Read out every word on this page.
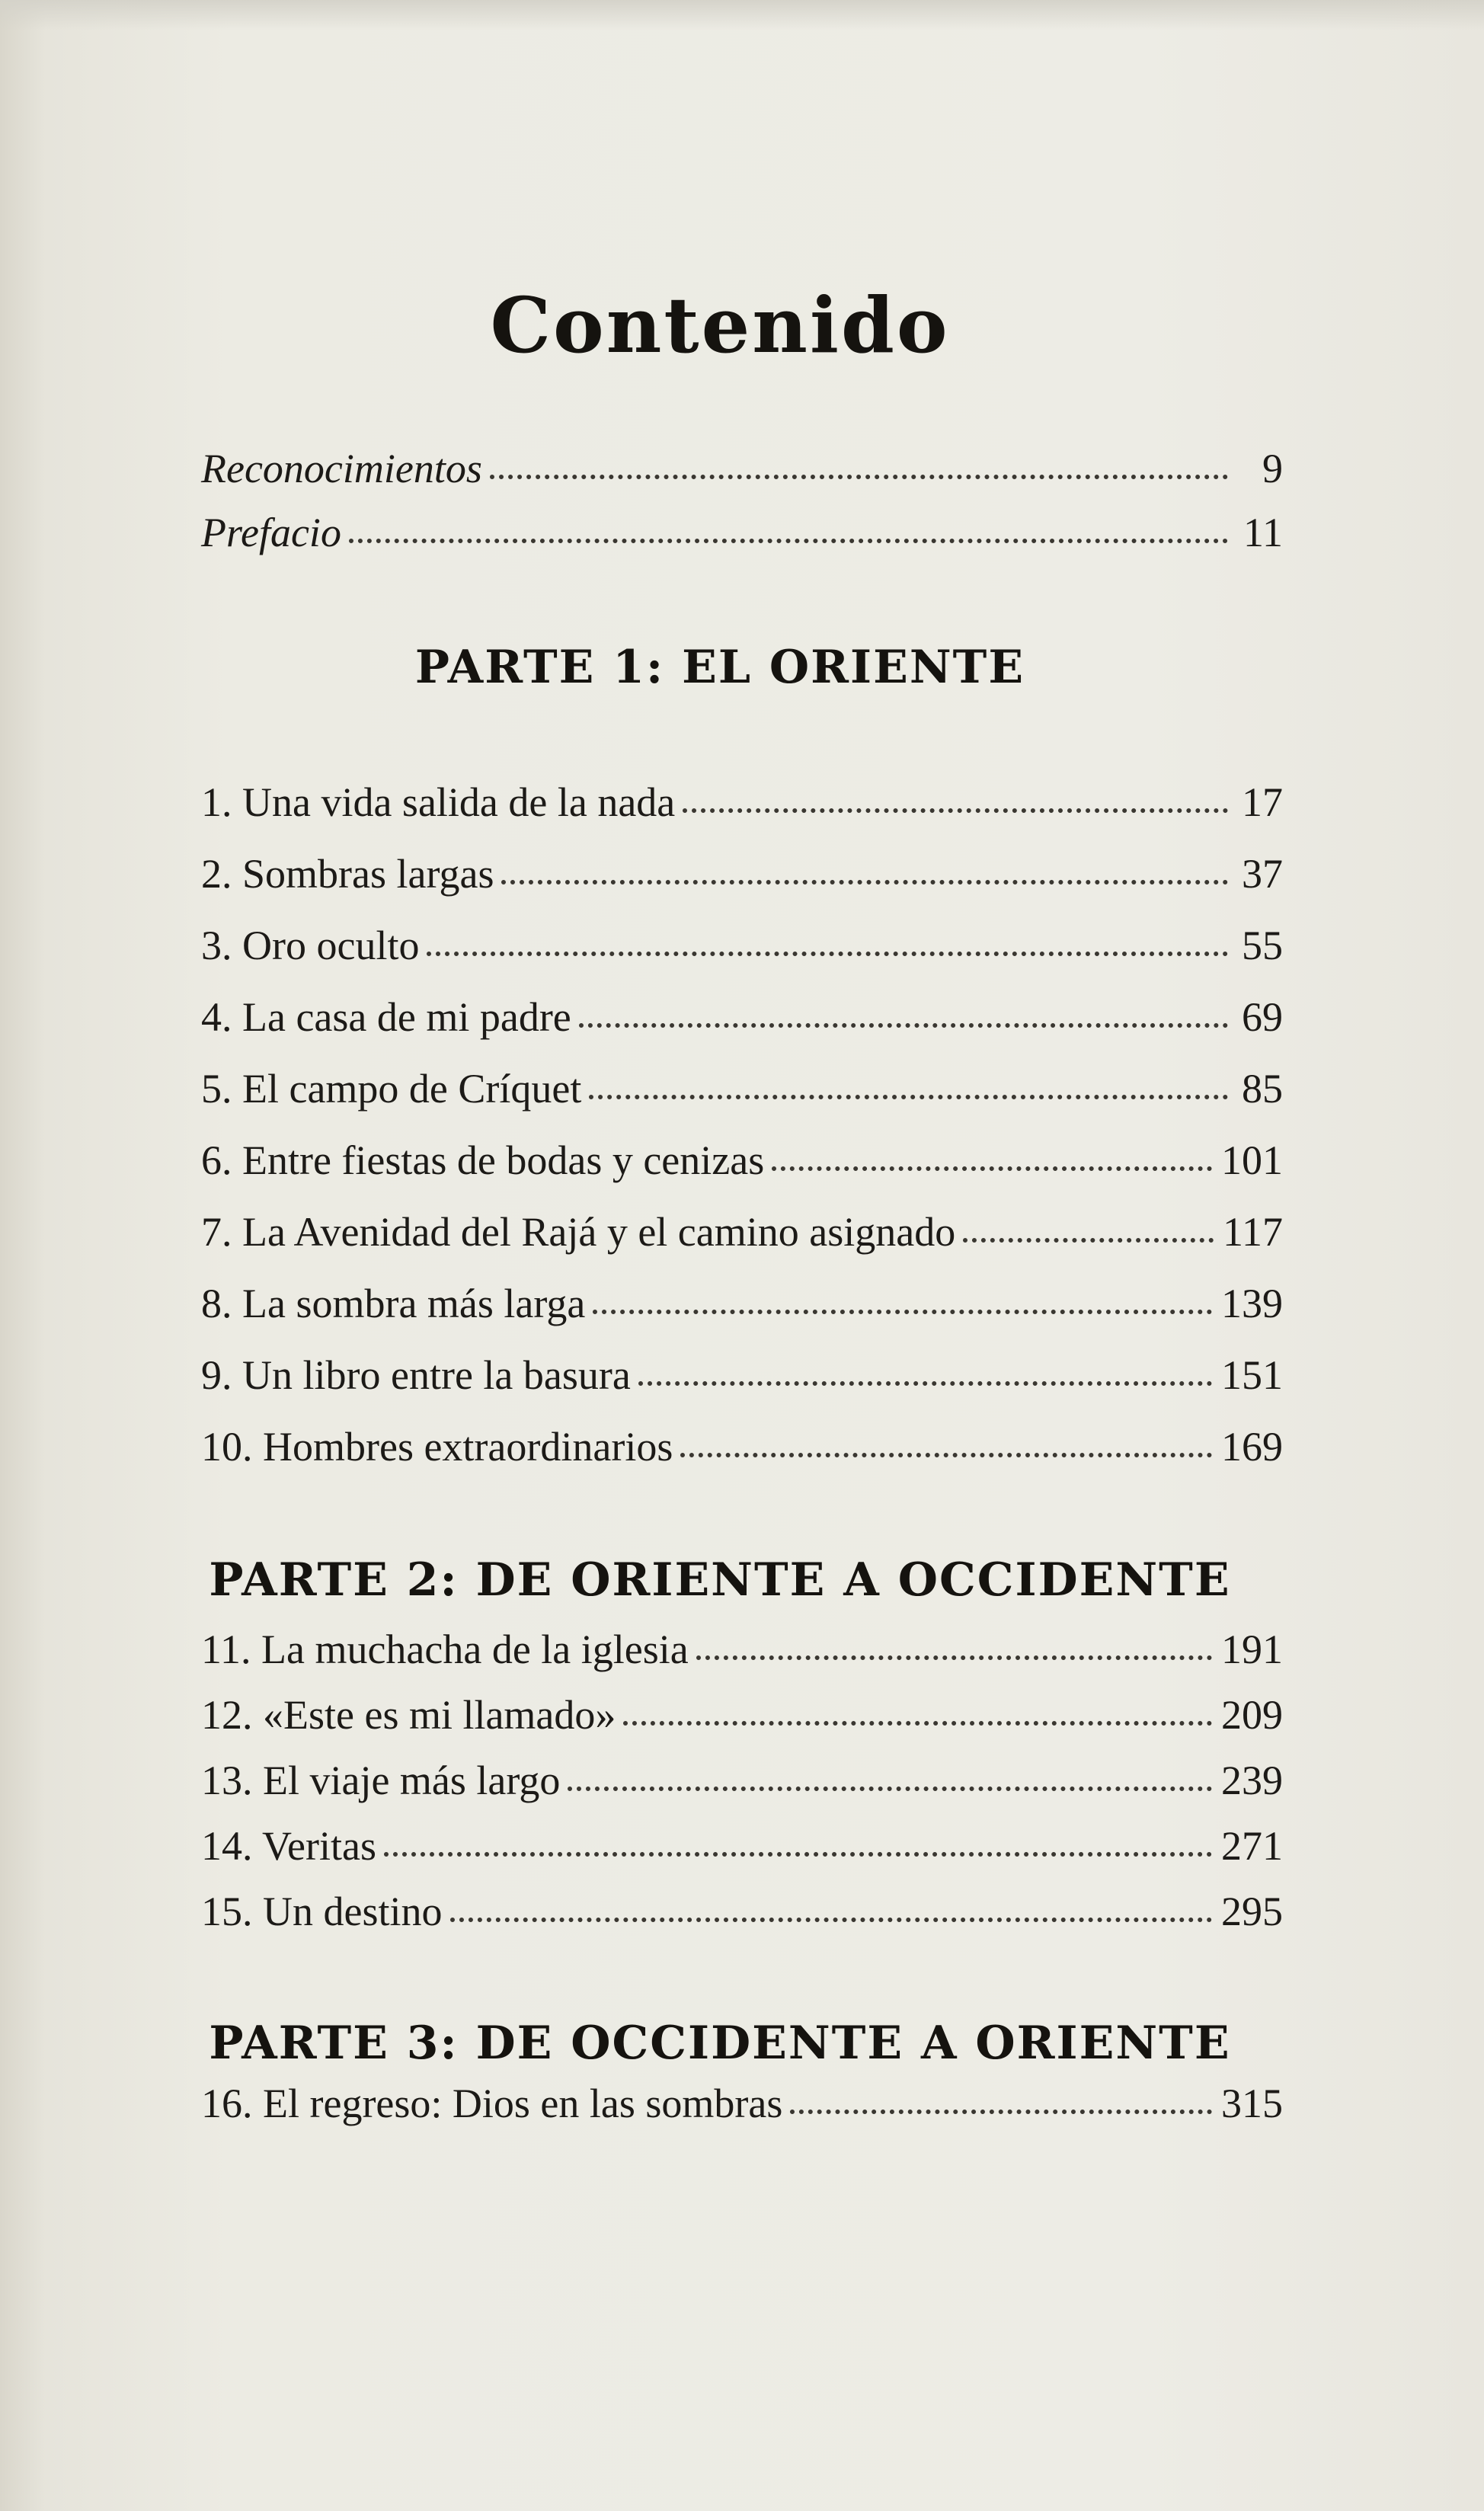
Contenido
Reconocimientos	9
Prefacio	11
PARTE 1: EL ORIENTE
1. Una vida salida de la nada	17
2. Sombras largas	37
3. Oro oculto	55
4. La casa de mi padre	69
5. El campo de Críquet	85
6. Entre fiestas de bodas y cenizas	101
7. La Avenidad del Rajá y el camino asignado	117
8. La sombra más larga	139
9. Un libro entre la basura	151
10. Hombres extraordinarios	169
PARTE 2: DE ORIENTE A OCCIDENTE
11. La muchacha de la iglesia	191
12. «Este es mi llamado»	209
13. El viaje más largo	239
14. Veritas	271
15. Un destino	295
PARTE 3: DE OCCIDENTE A ORIENTE
16. El regreso: Dios en las sombras	315
